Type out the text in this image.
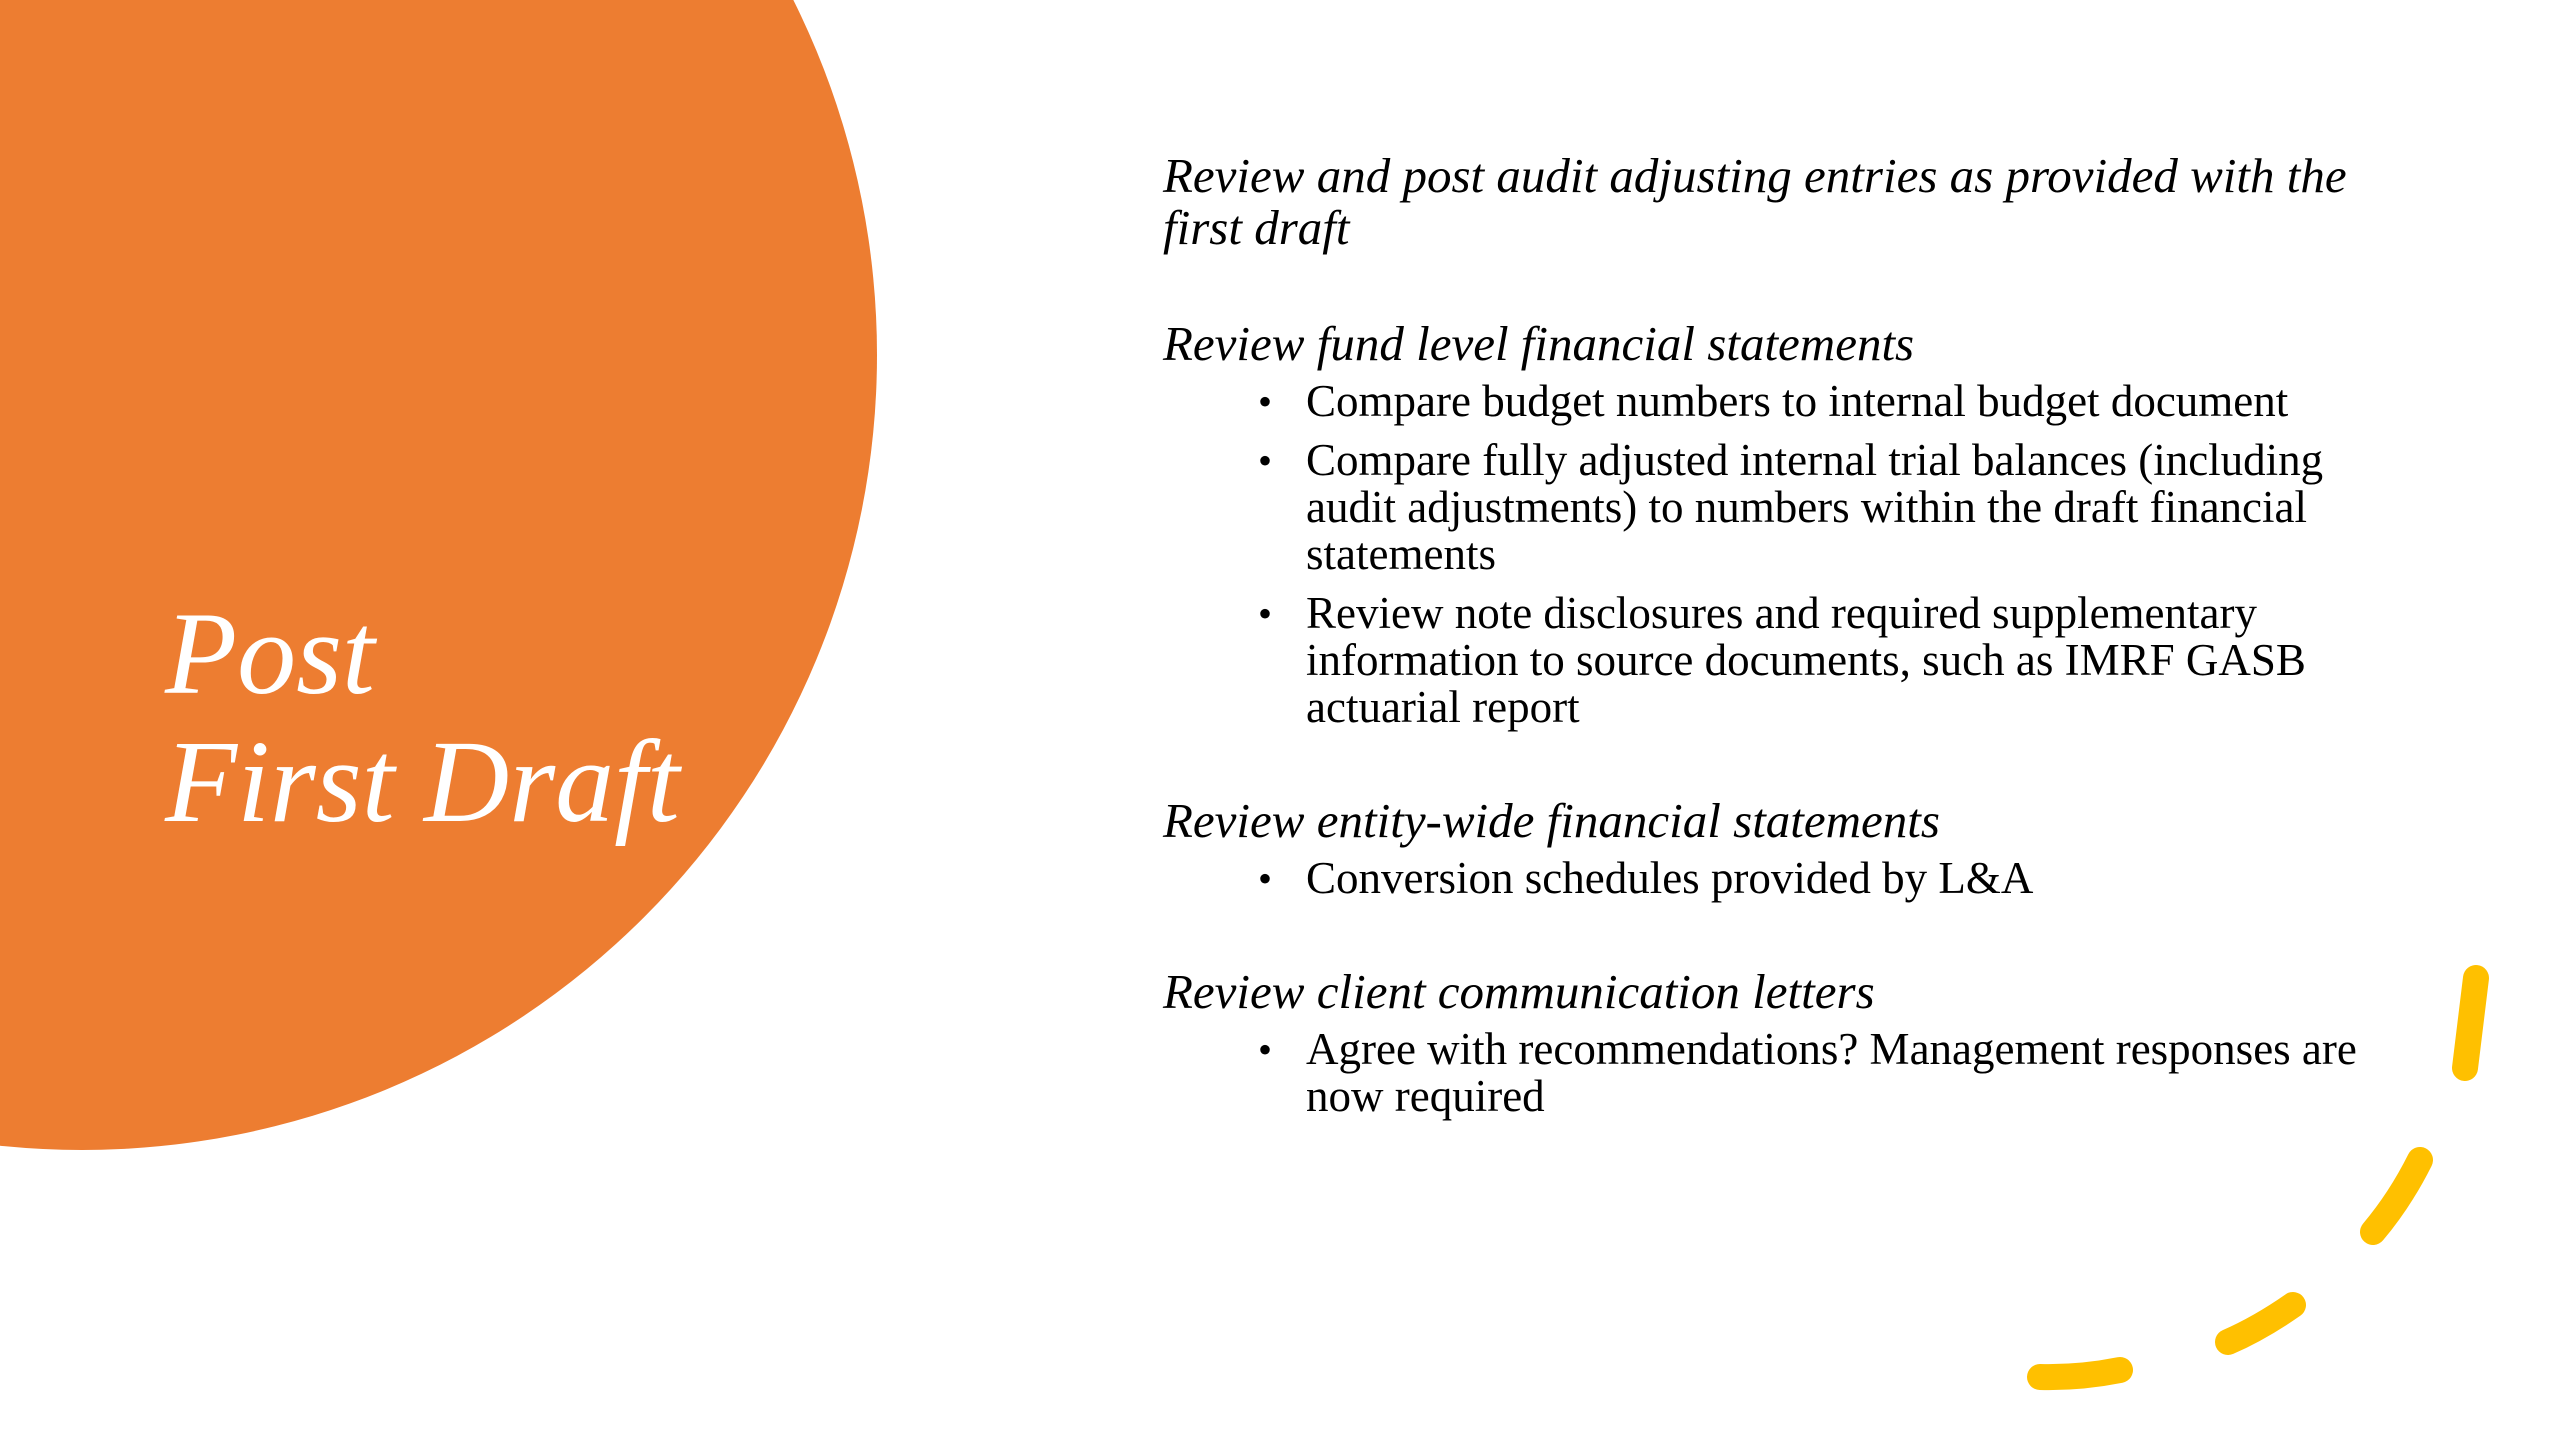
Post
First Draft

Review and post audit adjusting entries as provided with the first draft

Review fund level financial statements

• Compare budget numbers to internal budget document
• Compare fully adjusted internal trial balances (including audit adjustments) to numbers within the draft financial statements
• Review note disclosures and required supplementary information to source documents, such as IMRF GASB actuarial report

Review entity-wide financial statements

• Conversion schedules provided by L&A

Review client communication letters

• Agree with recommendations? Management responses are now required
